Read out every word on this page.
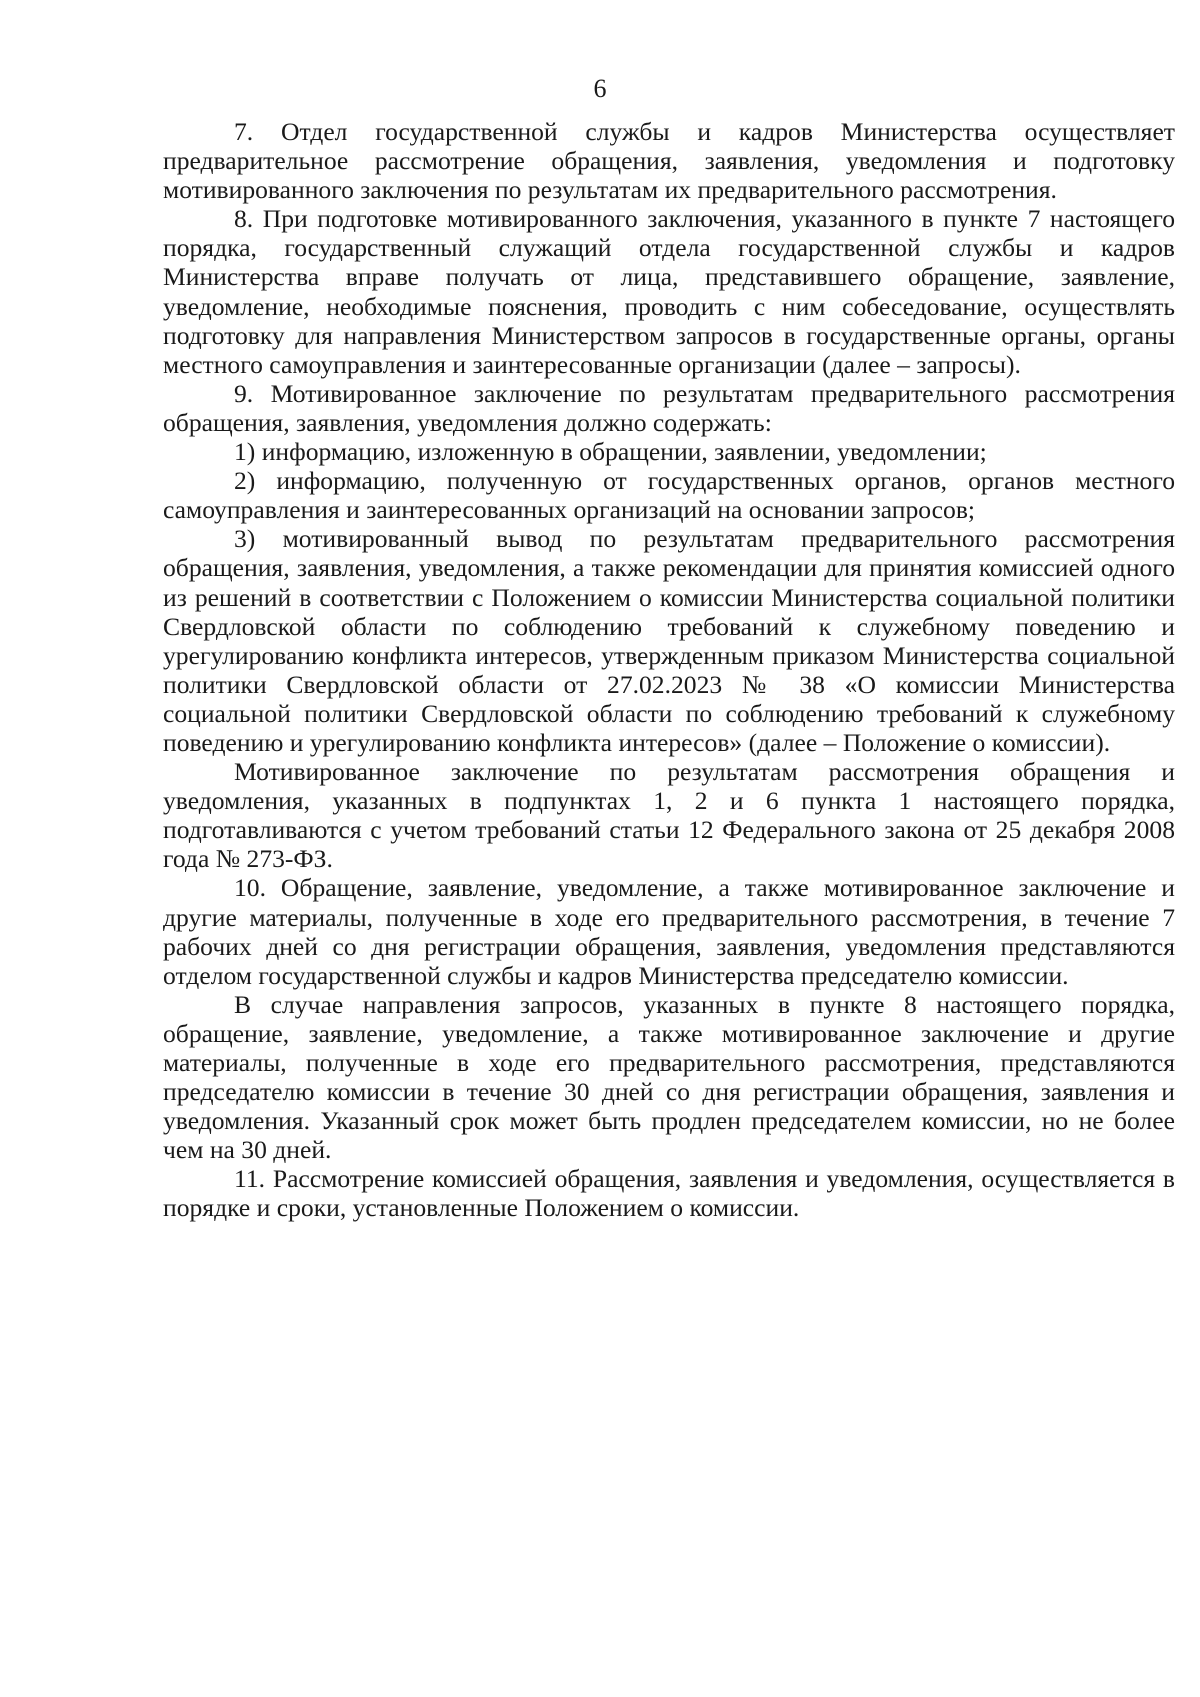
6

7. Отдел государственной службы и кадров Министерства осуществляет предварительное рассмотрение обращения, заявления, уведомления и подготовку мотивированного заключения по результатам их предварительного рассмотрения.

8. При подготовке мотивированного заключения, указанного в пункте 7 настоящего порядка, государственный служащий отдела государственной службы и кадров Министерства вправе получать от лица, представившего обращение, заявление, уведомление, необходимые пояснения, проводить с ним собеседование, осуществлять подготовку для направления Министерством запросов в государственные органы, органы местного самоуправления и заинтересованные организации (далее – запросы).

9. Мотивированное заключение по результатам предварительного рассмотрения обращения, заявления, уведомления должно содержать:

1) информацию, изложенную в обращении, заявлении, уведомлении;

2) информацию, полученную от государственных органов, органов местного самоуправления и заинтересованных организаций на основании запросов;

3) мотивированный вывод по результатам предварительного рассмотрения обращения, заявления, уведомления, а также рекомендации для принятия комиссией одного из решений в соответствии с Положением о комиссии Министерства социальной политики Свердловской области по соблюдению требований к служебному поведению и урегулированию конфликта интересов, утвержденным приказом Министерства социальной политики Свердловской области от 27.02.2023 № 38 «О комиссии Министерства социальной политики Свердловской области по соблюдению требований к служебному поведению и урегулированию конфликта интересов» (далее – Положение о комиссии).

Мотивированное заключение по результатам рассмотрения обращения и уведомления, указанных в подпунктах 1, 2 и 6 пункта 1 настоящего порядка, подготавливаются с учетом требований статьи 12 Федерального закона от 25 декабря 2008 года № 273-ФЗ.

10. Обращение, заявление, уведомление, а также мотивированное заключение и другие материалы, полученные в ходе его предварительного рассмотрения, в течение 7 рабочих дней со дня регистрации обращения, заявления, уведомления представляются отделом государственной службы и кадров Министерства председателю комиссии.

В случае направления запросов, указанных в пункте 8 настоящего порядка, обращение, заявление, уведомление, а также мотивированное заключение и другие материалы, полученные в ходе его предварительного рассмотрения, представляются председателю комиссии в течение 30 дней со дня регистрации обращения, заявления и уведомления. Указанный срок может быть продлен председателем комиссии, но не более чем на 30 дней.

11. Рассмотрение комиссией обращения, заявления и уведомления, осуществляется в порядке и сроки, установленные Положением о комиссии.
